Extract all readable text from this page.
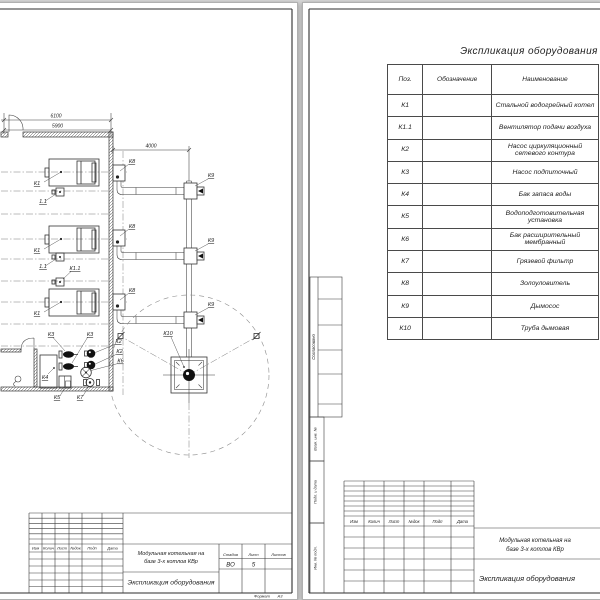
6100
5900
4000
К1
К1
К1
1.1
1.1	К1.1
К8
К8
К8
К9
К9
К9
К10
К4
К5
К3	К3
К2
К2
К6
К7
Изм Колич Лист №док Подп	Дата
Модульная котельная на
базе 3-х котлов КВр
Экспликация оборудования
Стадия	Лист	Листов
ВО	5
Формат А3
Экспликация оборудования
Поз.	Обозначение	Наименование
К1		Стальной водогрейный котел
К1.1		Вентилятор подачи воздуха
К2		Насос циркуляционный сетевого контура
К3		Насос подпиточный
К4		Бак запаса воды
К5		Водоподготовительная установка
К6		Бак расширительный мембранный
К7		Грязевой фильтр
К8		Золоуловитель
К9		Дымосос
К10		Труба дымовая
Согласовано
Взам. инв. №
Подп. и дата
Инв. № подл.
Изм Колич Лист №док	Подп	Дата
Модульная котельная на
базе 3-х котлов КВр
Экспликация оборудования
